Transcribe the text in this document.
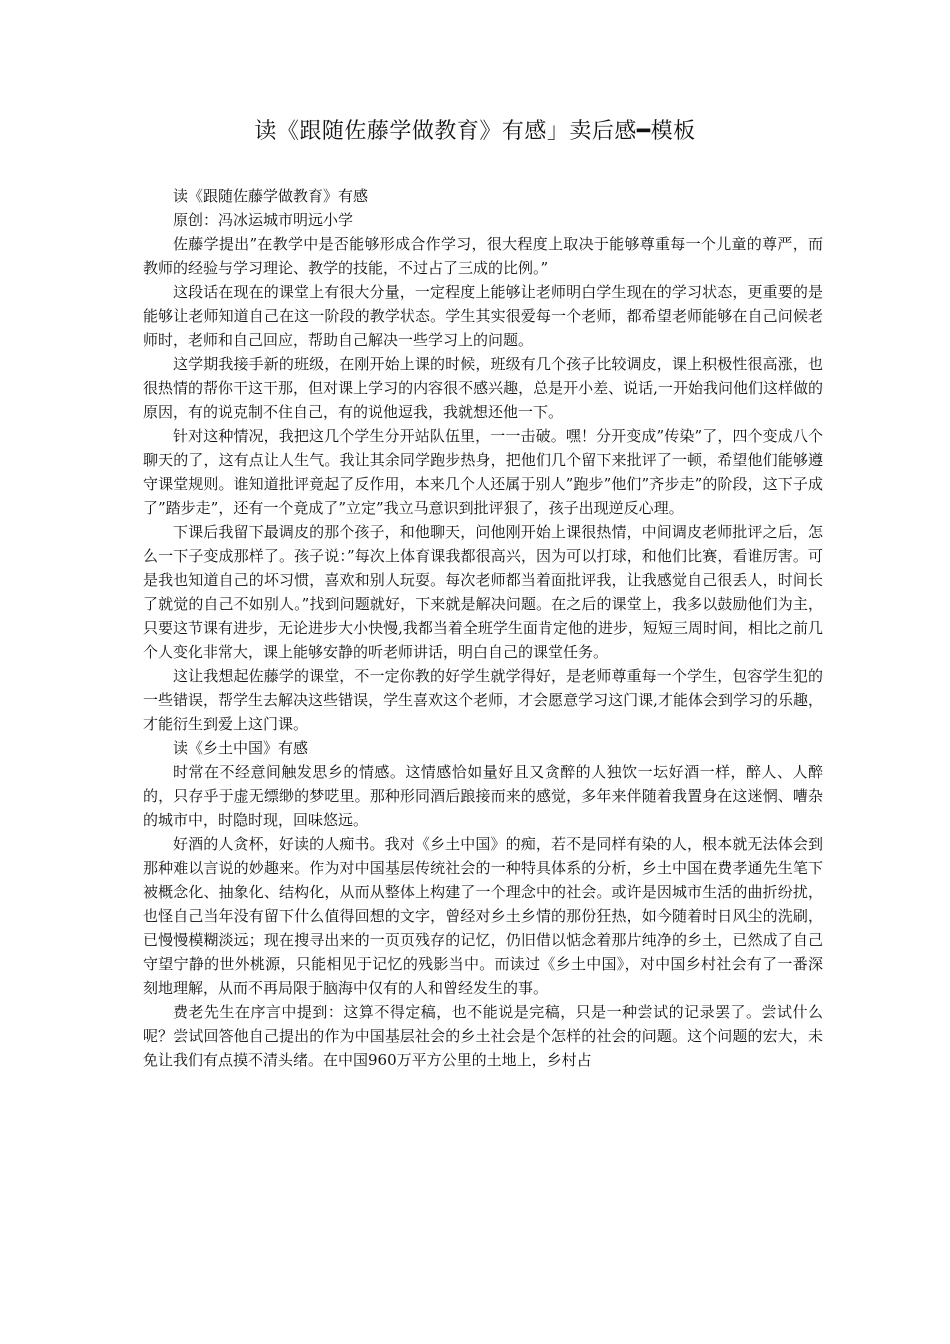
读《跟随佐藤学做教育》有感」卖后感━模板

读《跟随佐藤学做教育》有感

原创：冯冰运城市明远小学

佐藤学提出”在教学中是否能够形成合作学习，很大程度上取决于能够尊重每一个儿童的尊严，而教师的经验与学习理论、教学的技能，不过占了三成的比例。”

这段话在现在的课堂上有很大分量，一定程度上能够让老师明白学生现在的学习状态，更重要的是能够让老师知道自己在这一阶段的教学状态。学生其实很爱每一个老师，都希望老师能够在自己问候老师时，老师和自己回应，帮助自己解决一些学习上的问题。

这学期我接手新的班级，在刚开始上课的时候，班级有几个孩子比较调皮，课上积极性很高涨，也很热情的帮你干这干那，但对课上学习的内容很不感兴趣，总是开小差、说话,一开始我问他们这样做的原因，有的说克制不住自己，有的说他逗我，我就想还他一下。

针对这种情况，我把这几个学生分开站队伍里，一一击破。嘿！分开变成”传染”了，四个变成八个聊天的了，这有点让人生气。我让其余同学跑步热身，把他们几个留下来批评了一顿，希望他们能够遵守课堂规则。谁知道批评竟起了反作用，本来几个人还属于别人”跑步”他们”齐步走”的阶段，这下子成了”踏步走”，还有一个竟成了”立定”我立马意识到批评狠了，孩子出现逆反心理。

下课后我留下最调皮的那个孩子，和他聊天，问他刚开始上课很热情，中间调皮老师批评之后，怎么一下子变成那样了。孩子说：”每次上体育课我都很高兴，因为可以打球，和他们比赛，看谁厉害。可是我也知道自己的坏习惯，喜欢和别人玩耍。每次老师都当着面批评我，让我感觉自己很丢人，时间长了就觉的自己不如别人。”找到问题就好，下来就是解决问题。在之后的课堂上，我多以鼓励他们为主，只要这节课有进步，无论进步大小快慢,我都当着全班学生面肯定他的进步，短短三周时间，相比之前几个人变化非常大，课上能够安静的听老师讲话，明白自己的课堂任务。

这让我想起佐藤学的课堂，不一定你教的好学生就学得好，是老师尊重每一个学生，包容学生犯的一些错误，帮学生去解决这些错误，学生喜欢这个老师，才会愿意学习这门课,才能体会到学习的乐趣，才能衍生到爱上这门课。

读《乡土中国》有感

时常在不经意间触发思乡的情感。这情感恰如量好且又贪醉的人独饮一坛好酒一样，醉人、人醉的，只存乎于虚无缥缈的梦呓里。那种形同酒后踉接而来的感觉，多年来伴随着我置身在这迷惘、嘈杂的城市中，时隐时现，回味悠远。

好酒的人贪杯，好读的人痴书。我对《乡土中国》的痴，若不是同样有染的人，根本就无法体会到那种难以言说的妙趣来。作为对中国基层传统社会的一种特具体系的分析，乡土中国在费孝通先生笔下被概念化、抽象化、结构化，从而从整体上构建了一个理念中的社会。或许是因城市生活的曲折纷扰，也怪自己当年没有留下什么值得回想的文字，曾经对乡土乡情的那份狂热，如今随着时日风尘的洗刷，已慢慢模糊淡远；现在搜寻出来的一页页残存的记忆，仍旧借以惦念着那片纯净的乡土，已然成了自己守望宁静的世外桃源，只能相见于记忆的残影当中。而读过《乡土中国》，对中国乡村社会有了一番深刻地理解，从而不再局限于脑海中仅有的人和曾经发生的事。

费老先生在序言中提到：这算不得定稿，也不能说是完稿，只是一种尝试的记录罢了。尝试什么呢？尝试回答他自己提出的作为中国基层社会的乡土社会是个怎样的社会的问题。这个问题的宏大，未免让我们有点摸不清头绪。在中国960万平方公里的土地上，乡村占
